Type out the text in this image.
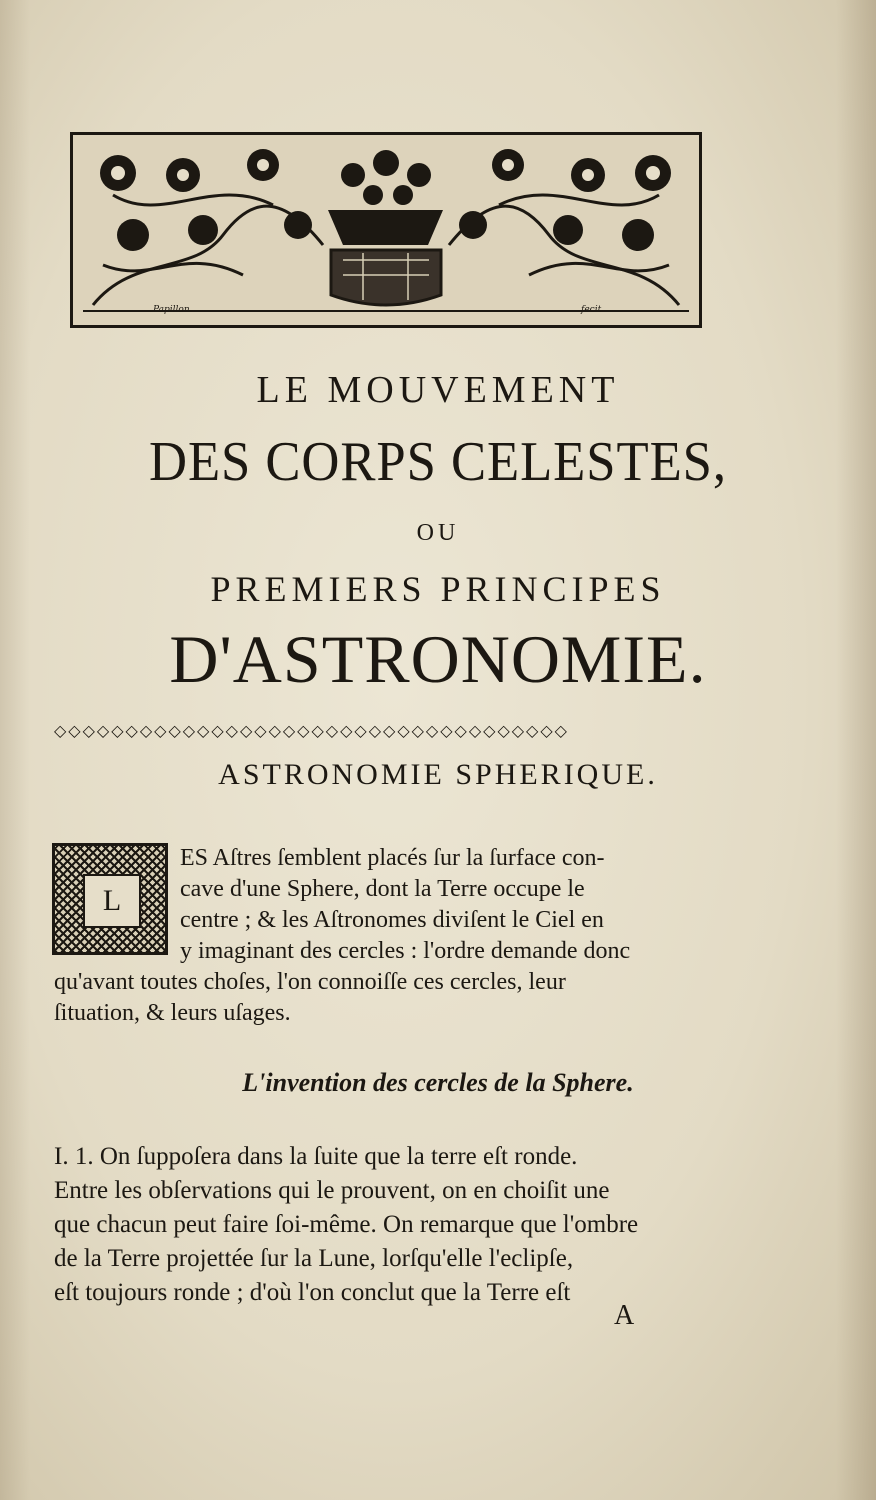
Papillon	fecit.
LE MOUVEMENT
DES CORPS CELESTES,
OU
PREMIERS PRINCIPES
D'ASTRONOMIE.
◇◇◇◇◇◇◇◇◇◇◇◇◇◇◇◇◇◇◇◇◇◇◇◇◇◇◇◇◇◇◇◇◇◇◇◇
ASTRONOMIE SPHERIQUE.
L

ES Aſtres ſemblent placés ſur la ſurface con-
cave d'une Sphere, dont la Terre occupe le
centre ; & les Aſtronomes diviſent le Ciel en
y imaginant des cercles : l'ordre demande donc

qu'avant toutes choſes, l'on connoiſſe ces cercles, leur
ſituation, & leurs uſages.

L'invention des cercles de la Sphere.

I. 1. On ſuppoſera dans la ſuite que la terre eſt ronde.
Entre les obſervations qui le prouvent, on en choiſit une
que chacun peut faire ſoi-même. On remarque que l'ombre
de la Terre projettée ſur la Lune, lorſqu'elle l'eclipſe,
eſt toujours ronde ; d'où l'on conclut que la Terre eſt

A
